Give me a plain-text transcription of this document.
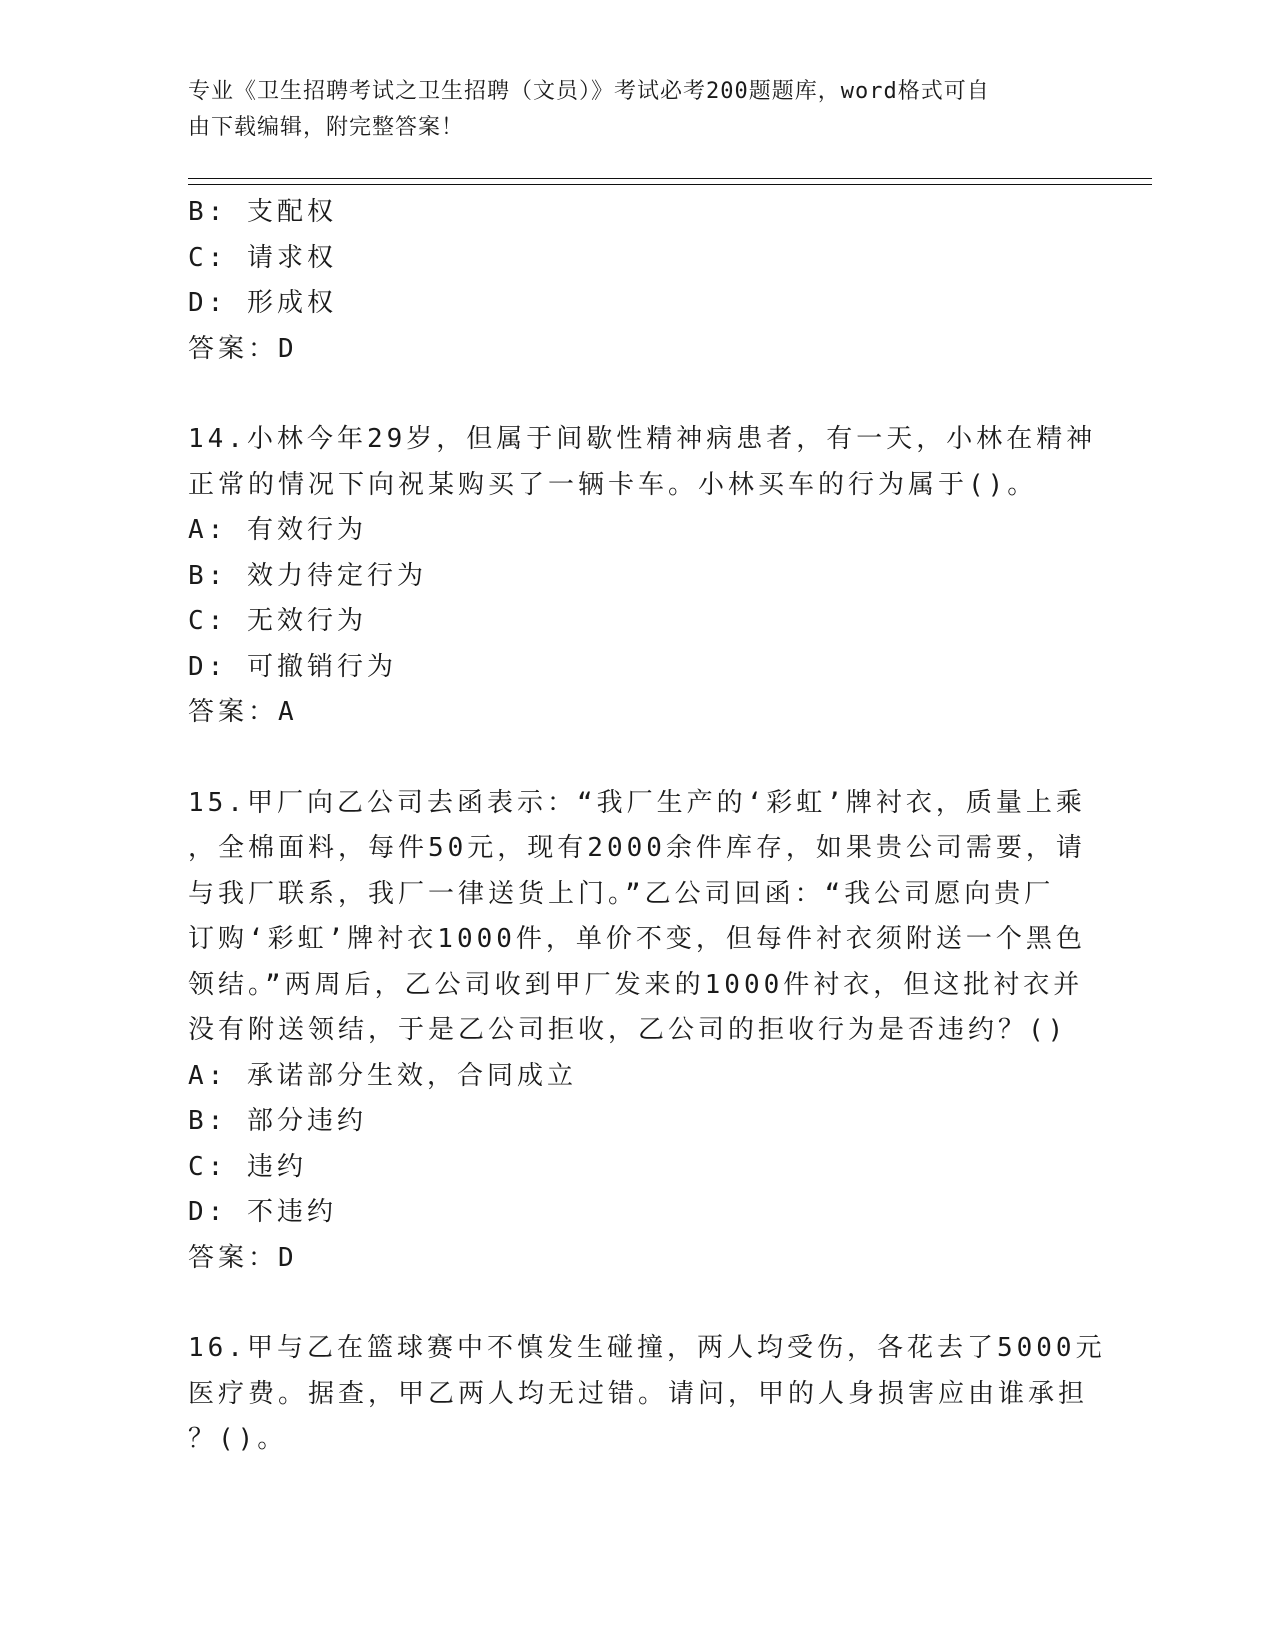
专业《卫生招聘考试之卫生招聘（文员）》考试必考200题题库，word格式可自
由下载编辑，附完整答案！
B: 支配权
C: 请求权
D: 形成权
答案：D
14.小林今年29岁，但属于间歇性精神病患者，有一天，小林在精神
正常的情况下向祝某购买了一辆卡车。小林买车的行为属于()。
A: 有效行为
B: 效力待定行为
C: 无效行为
D: 可撤销行为
答案：A
15.甲厂向乙公司去函表示：“我厂生产的‘彩虹’牌衬衣，质量上乘
，全棉面料，每件50元，现有2000余件库存，如果贵公司需要，请
与我厂联系，我厂一律送货上门。”乙公司回函：“我公司愿向贵厂
订购‘彩虹’牌衬衣1000件，单价不变，但每件衬衣须附送一个黑色
领结。”两周后，乙公司收到甲厂发来的1000件衬衣，但这批衬衣并
没有附送领结，于是乙公司拒收，乙公司的拒收行为是否违约？()
A: 承诺部分生效，合同成立
B: 部分违约
C: 违约
D: 不违约
答案：D
16.甲与乙在篮球赛中不慎发生碰撞，两人均受伤，各花去了5000元
医疗费。据查，甲乙两人均无过错。请问，甲的人身损害应由谁承担
？()。
